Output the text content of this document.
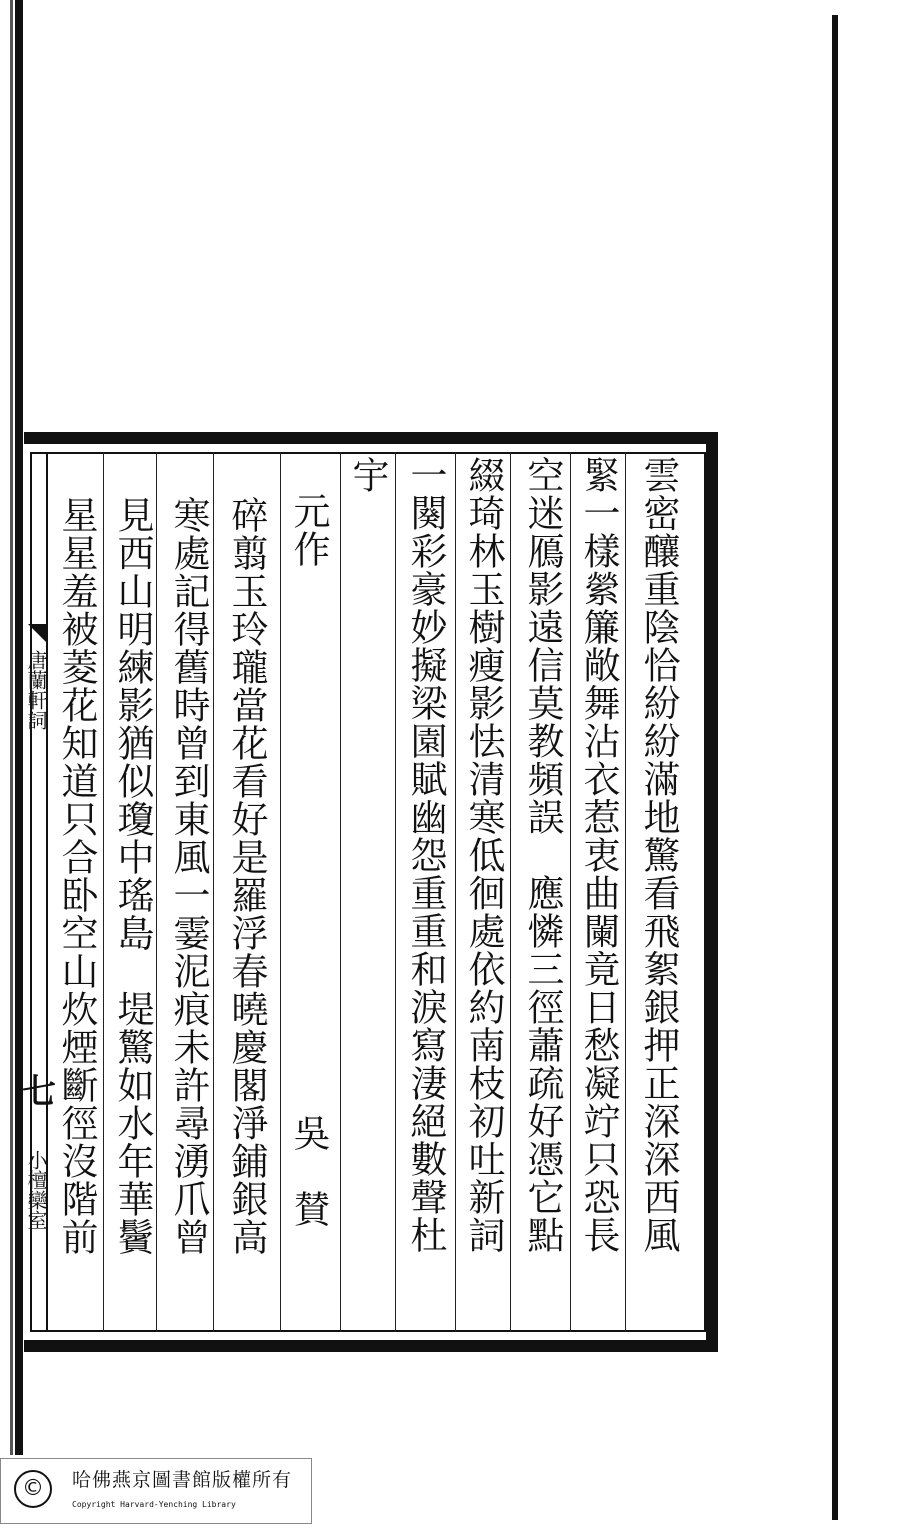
唐蘭軒詞
七
小檀欒室	雲密釀重陰恰紛紛滿地驚看飛絮銀押正深深西風
緊一樣縈簾敞舞沾衣惹衷曲闌竟日愁凝竚只恐長
空迷鴈影遠信莫教頻誤　應憐三徑蕭疏好憑它點
綴琦林玉樹瘦影怯清寒低徊處依約南枝初吐新詞
一闋彩豪妙擬梁園賦幽怨重重和淚寫淒絕數聲杜
宇
元作
吳　賛
碎翦玉玲瓏當花看好是羅浮春曉慶閣淨鋪銀高
寒處記得舊時曾到東風一霎泥痕未許尋湧爪曾
見西山明練影猶似瓊中瑤島　堤驚如水年華鬢
星星羞被菱花知道只合卧空山炊煙斷徑沒階前
©	哈佛燕京圖書館版權所有
Copyright Harvard-Yenching Library
